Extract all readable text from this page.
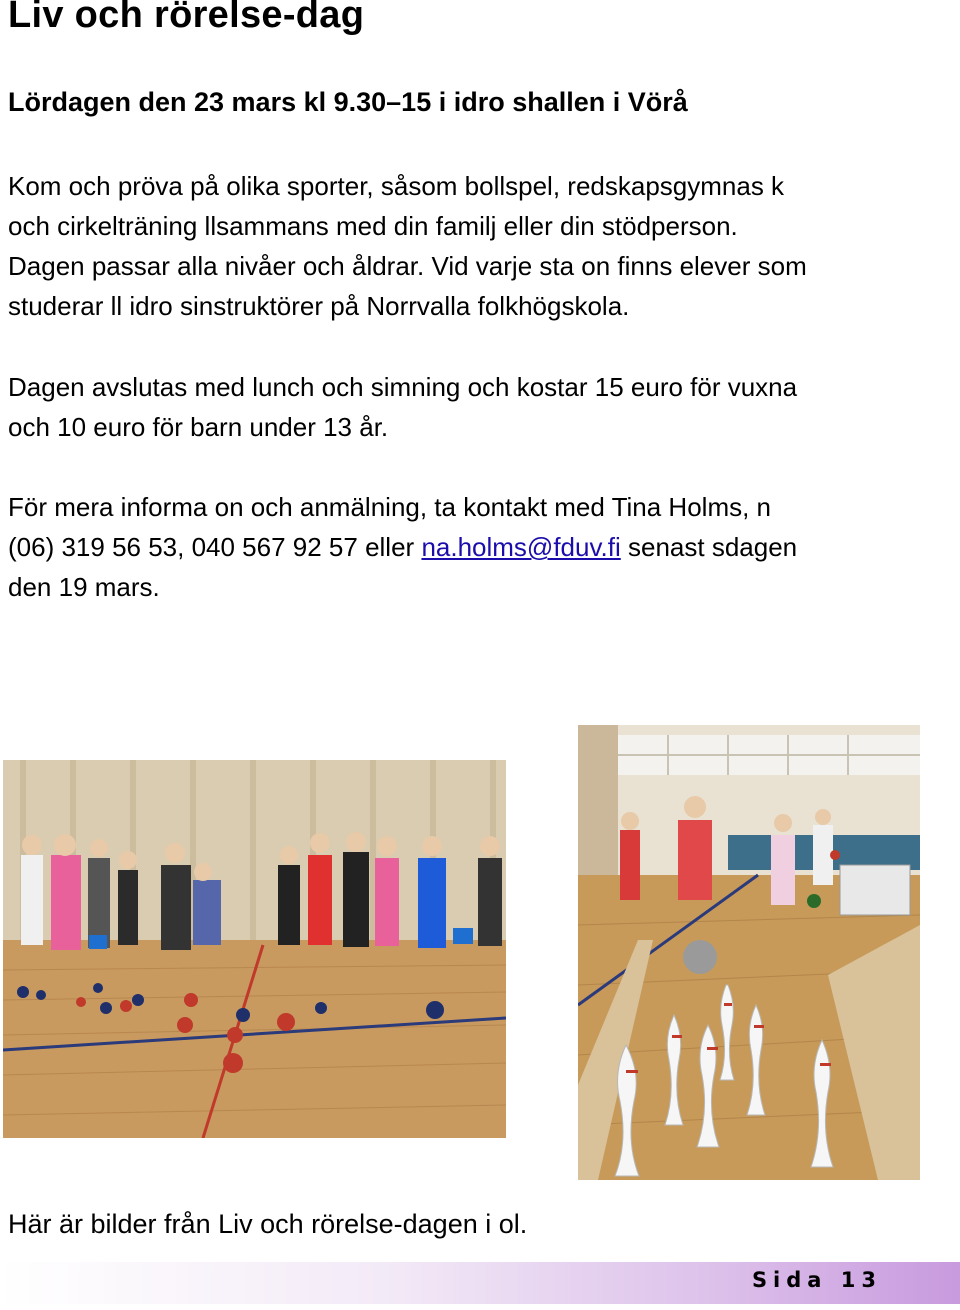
Liv och rörelse-dag
Lördagen den 23 mars kl 9.30–15 i idro shallen i Vörå
Kom och pröva på olika sporter, såsom bollspel, redskapsgymnas k
och cirkelträning llsammans med din familj eller din stödperson.
Dagen passar alla nivåer och åldrar. Vid varje sta on finns elever som
studerar ll idro sinstruktörer på Norrvalla folkhögskola.
Dagen avslutas med lunch och simning och kostar 15 euro för vuxna
och 10 euro för barn under 13 år.
För mera informa on och anmälning, ta kontakt med Tina Holms, n
(06) 319 56 53, 040 567 92 57 eller na.holms@fduv.fi senast sdagen
den 19 mars.
Här är bilder från Liv och rörelse-dagen i ol.
Sida 13
